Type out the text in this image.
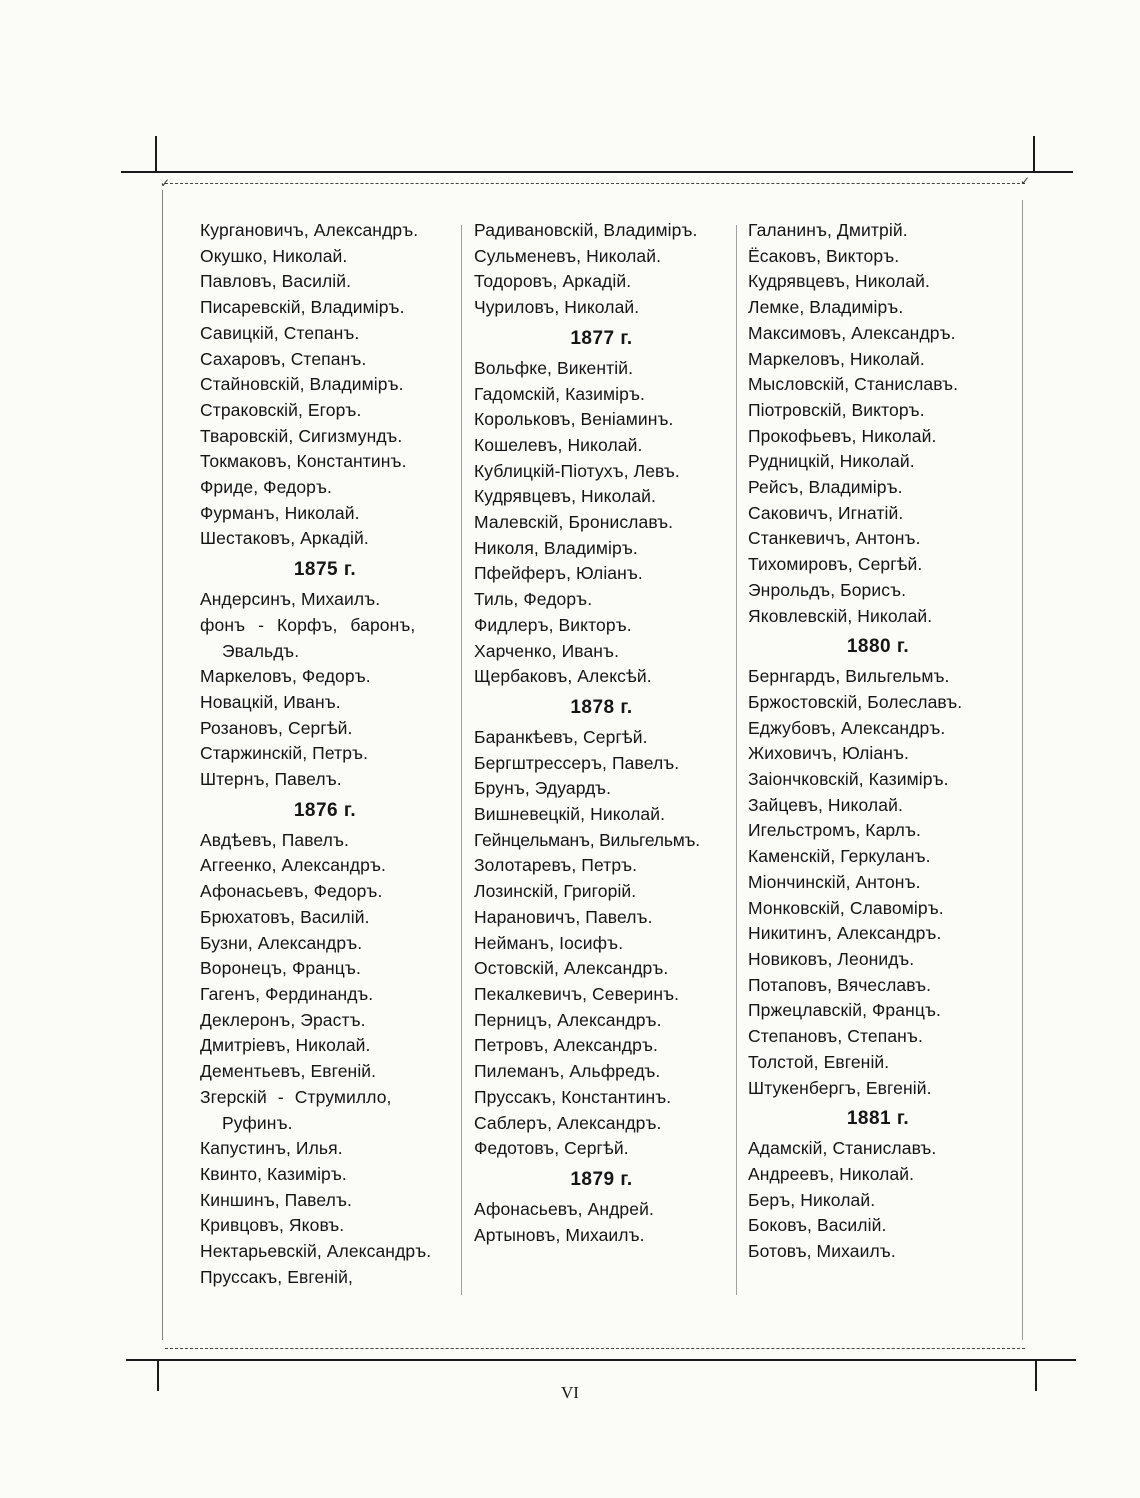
✓	✓
Кургановичъ, Александръ.
Окушко, Николай.
Павловъ, Василій.
Писаревскій, Владиміръ.
Савицкій, Степанъ.
Сахаровъ, Степанъ.
Стайновскій, Владиміръ.
Страковскій, Егоръ.
Тваровскій, Сигизмундъ.
Токмаковъ, Константинъ.
Фриде, Федоръ.
Фурманъ, Николай.
Шестаковъ, Аркадій.
1875 г.
Андерсинъ, Михаилъ.
фонъ - Корфъ, баронъ, Эвальдъ.
Маркеловъ, Федоръ.
Новацкій, Иванъ.
Розановъ, Сергѣй.
Старжинскій, Петръ.
Штернъ, Павелъ.
1876 г.
Авдѣевъ, Павелъ.
Аггеенко, Александръ.
Афонасьевъ, Федоръ.
Брюхатовъ, Василій.
Бузни, Александръ.
Воронецъ, Францъ.
Гагенъ, Фердинандъ.
Деклеронъ, Эрастъ.
Дмитріевъ, Николай.
Дементьевъ, Евгеній.
Згерскій - Струмилло, Руфинъ.
Капустинъ, Илья.
Квинто, Казиміръ.
Киншинъ, Павелъ.
Кривцовъ, Яковъ.
Нектарьевскій, Александръ.
Пруссакъ, Евгеній,
Радивановскій, Владиміръ.
Сульменевъ, Николай.
Тодоровъ, Аркадій.
Чуриловъ, Николай.
1877 г.
Вольфке, Викентій.
Гадомскій, Казиміръ.
Корольковъ, Веніаминъ.
Кошелевъ, Николай.
Кублицкій-Піотухъ, Левъ.
Кудрявцевъ, Николай.
Малевскій, Брониславъ.
Николя, Владиміръ.
Пфейферъ, Юліанъ.
Тиль, Федоръ.
Фидлеръ, Викторъ.
Харченко, Иванъ.
Щербаковъ, Алексѣй.
1878 г.
Баранкѣевъ, Сергѣй.
Бергштрессеръ, Павелъ.
Брунъ, Эдуардъ.
Вишневецкій, Николай.
Гейнцельманъ, Вильгельмъ.
Золотаревъ, Петръ.
Лозинскій, Григорій.
Нарановичъ, Павелъ.
Нейманъ, Іосифъ.
Остовскій, Александръ.
Пекалкевичъ, Северинъ.
Перницъ, Александръ.
Петровъ, Александръ.
Пилеманъ, Альфредъ.
Пруссакъ, Константинъ.
Саблеръ, Александръ.
Федотовъ, Сергѣй.
1879 г.
Афонасьевъ, Андрей.
Артыновъ, Михаилъ.
Галанинъ, Дмитрій.
Ёсаковъ, Викторъ.
Кудрявцевъ, Николай.
Лемке, Владиміръ.
Максимовъ, Александръ.
Маркеловъ, Николай.
Мысловскій, Станиславъ.
Піотровскій, Викторъ.
Прокофьевъ, Николай.
Рудницкій, Николай.
Рейсъ, Владиміръ.
Саковичъ, Игнатій.
Станкевичъ, Антонъ.
Тихомировъ, Сергѣй.
Энрольдъ, Борисъ.
Яковлевскій, Николай.
1880 г.
Бернгардъ, Вильгельмъ.
Бржостовскій, Болеславъ.
Еджубовъ, Александръ.
Жиховичъ, Юліанъ.
Заіончковскій, Казиміръ.
Зайцевъ, Николай.
Игельстромъ, Карлъ.
Каменскій, Геркуланъ.
Міончинскій, Антонъ.
Монковскій, Славоміръ.
Никитинъ, Александръ.
Новиковъ, Леонидъ.
Потаповъ, Вячеславъ.
Пржецлавскій, Францъ.
Степановъ, Степанъ.
Толстой, Евгеній.
Штукенбергъ, Евгеній.
1881 г.
Адамскій, Станиславъ.
Андреевъ, Николай.
Беръ, Николай.
Боковъ, Василій.
Ботовъ, Михаилъ.
VI
